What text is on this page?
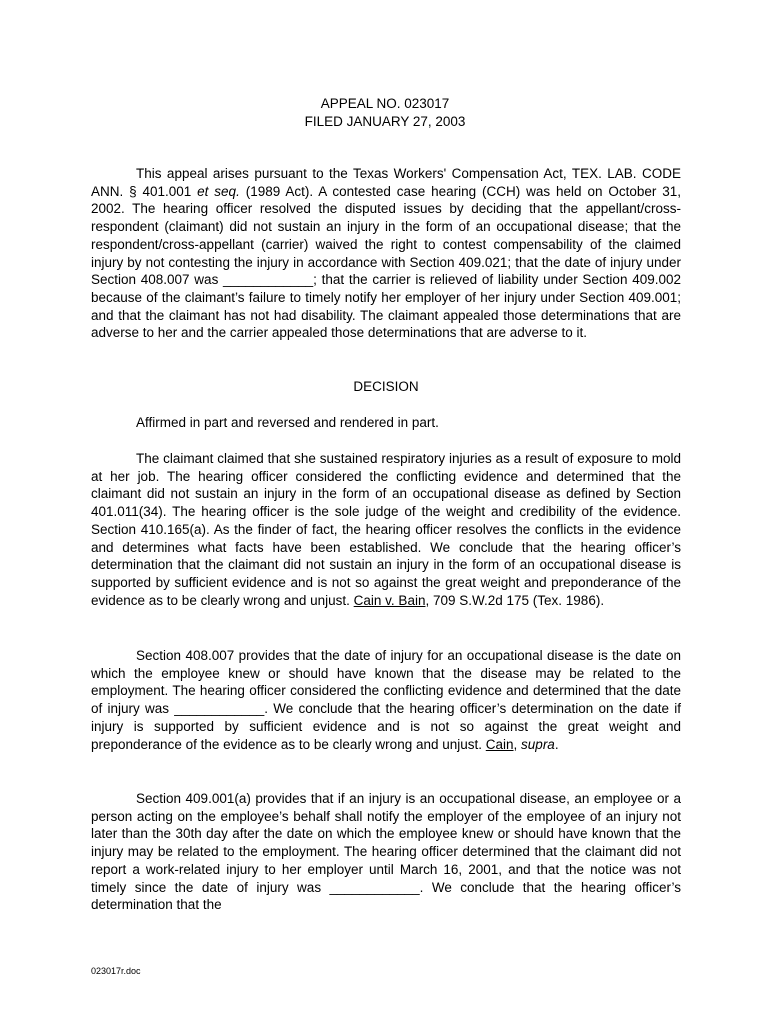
APPEAL NO. 023017
FILED JANUARY 27, 2003

This appeal arises pursuant to the Texas Workers' Compensation Act, TEX. LAB. CODE ANN. § 401.001 et seq. (1989 Act). A contested case hearing (CCH) was held on October 31, 2002. The hearing officer resolved the disputed issues by deciding that the appellant/cross-respondent (claimant) did not sustain an injury in the form of an occupational disease; that the respondent/cross-appellant (carrier) waived the right to contest compensability of the claimed injury by not contesting the injury in accordance with Section 409.021; that the date of injury under Section 408.007 was ____________; that the carrier is relieved of liability under Section 409.002 because of the claimant’s failure to timely notify her employer of her injury under Section 409.001; and that the claimant has not had disability. The claimant appealed those determinations that are adverse to her and the carrier appealed those determinations that are adverse to it.

DECISION

Affirmed in part and reversed and rendered in part.

The claimant claimed that she sustained respiratory injuries as a result of exposure to mold at her job. The hearing officer considered the conflicting evidence and determined that the claimant did not sustain an injury in the form of an occupational disease as defined by Section 401.011(34). The hearing officer is the sole judge of the weight and credibility of the evidence. Section 410.165(a). As the finder of fact, the hearing officer resolves the conflicts in the evidence and determines what facts have been established. We conclude that the hearing officer’s determination that the claimant did not sustain an injury in the form of an occupational disease is supported by sufficient evidence and is not so against the great weight and preponderance of the evidence as to be clearly wrong and unjust. Cain v. Bain, 709 S.W.2d 175 (Tex. 1986).

Section 408.007 provides that the date of injury for an occupational disease is the date on which the employee knew or should have known that the disease may be related to the employment. The hearing officer considered the conflicting evidence and determined that the date of injury was ____________. We conclude that the hearing officer’s determination on the date if injury is supported by sufficient evidence and is not so against the great weight and preponderance of the evidence as to be clearly wrong and unjust. Cain, supra.

Section 409.001(a) provides that if an injury is an occupational disease, an employee or a person acting on the employee’s behalf shall notify the employer of the employee of an injury not later than the 30th day after the date on which the employee knew or should have known that the injury may be related to the employment. The hearing officer determined that the claimant did not report a work-related injury to her employer until March 16, 2001, and that the notice was not timely since the date of injury was ____________. We conclude that the hearing officer’s determination that the

023017r.doc
